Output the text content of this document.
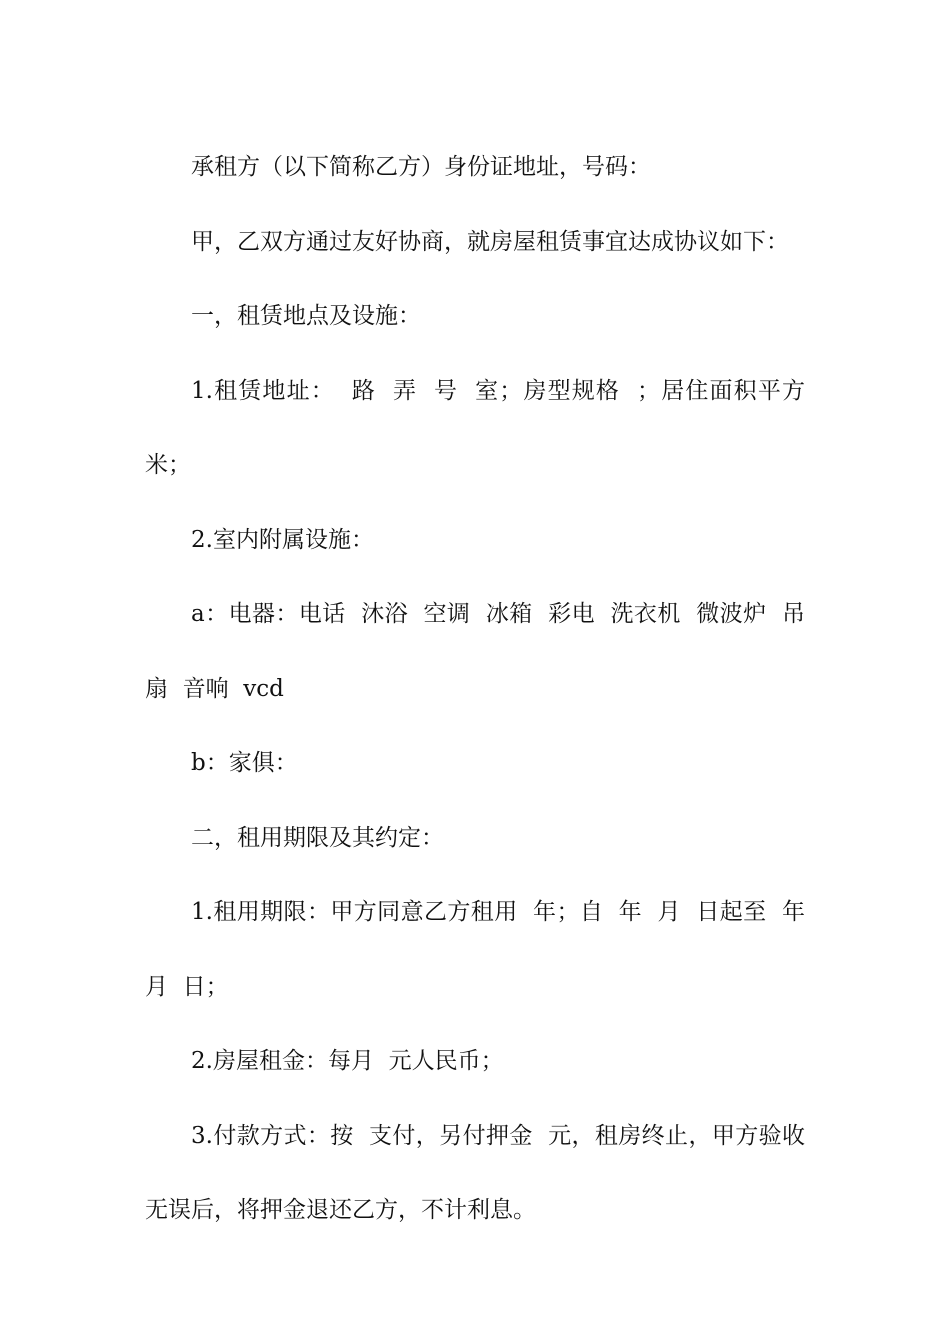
承租方（以下简称乙方）身份证地址，号码：

甲，乙双方通过友好协商，就房屋租赁事宜达成协议如下：

一，租赁地点及设施：

1.租赁地址：  路  弄  号  室；房型规格  ；居住面积平方米；

2.室内附属设施：

a：电器：电话  沐浴  空调  冰箱  彩电  洗衣机  微波炉  吊扇  音响  vcd

b：家俱：

二，租用期限及其约定：

1.租用期限：甲方同意乙方租用  年；自  年  月  日起至  年  月  日；

2.房屋租金：每月  元人民币；

3.付款方式：按  支付，另付押金  元，租房终止，甲方验收无误后，将押金退还乙方，不计利息。
